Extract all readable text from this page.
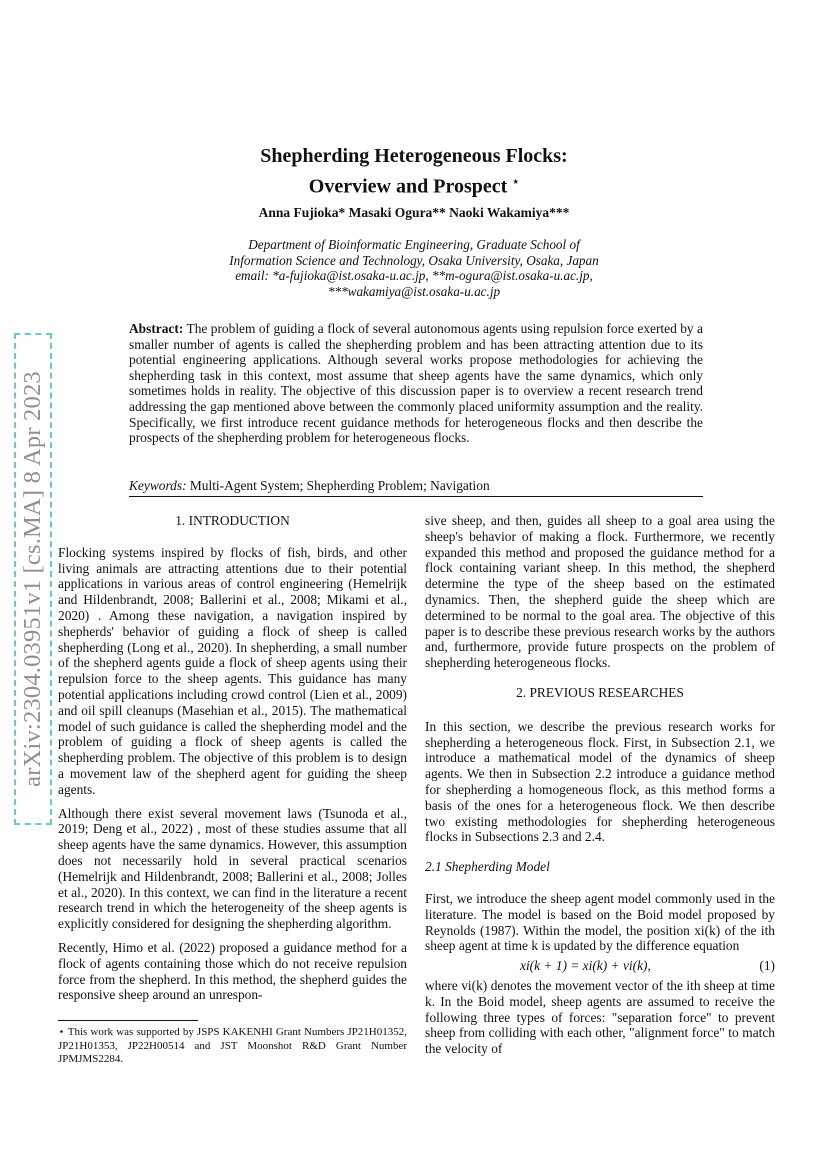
arXiv:2304.03951v1 [cs.MA] 8 Apr 2023
Shepherding Heterogeneous Flocks:
Overview and Prospect ⋆
Anna Fujioka* Masaki Ogura** Naoki Wakamiya***
Department of Bioinformatic Engineering, Graduate School of
Information Science and Technology, Osaka University, Osaka, Japan
email: *a-fujioka@ist.osaka-u.ac.jp, **m-ogura@ist.osaka-u.ac.jp,
***wakamiya@ist.osaka-u.ac.jp
Abstract: The problem of guiding a flock of several autonomous agents using repulsion force exerted by a smaller number of agents is called the shepherding problem and has been attracting attention due to its potential engineering applications. Although several works propose methodologies for achieving the shepherding task in this context, most assume that sheep agents have the same dynamics, which only sometimes holds in reality. The objective of this discussion paper is to overview a recent research trend addressing the gap mentioned above between the commonly placed uniformity assumption and the reality. Specifically, we first introduce recent guidance methods for heterogeneous flocks and then describe the prospects of the shepherding problem for heterogeneous flocks.
Keywords: Multi-Agent System; Shepherding Problem; Navigation

1. INTRODUCTION

Flocking systems inspired by flocks of fish, birds, and other living animals are attracting attentions due to their potential applications in various areas of control engineering (Hemelrijk and Hildenbrandt, 2008; Ballerini et al., 2008; Mikami et al., 2020) . Among these navigation, a navigation inspired by shepherds' behavior of guiding a flock of sheep is called shepherding (Long et al., 2020). In shepherding, a small number of the shepherd agents guide a flock of sheep agents using their repulsion force to the sheep agents. This guidance has many potential applications including crowd control (Lien et al., 2009) and oil spill cleanups (Masehian et al., 2015). The mathematical model of such guidance is called the shepherding model and the problem of guiding a flock of sheep agents is called the shepherding problem. The objective of this problem is to design a movement law of the shepherd agent for guiding the sheep agents.

Although there exist several movement laws (Tsunoda et al., 2019; Deng et al., 2022) , most of these studies assume that all sheep agents have the same dynamics. However, this assumption does not necessarily hold in several practical scenarios (Hemelrijk and Hildenbrandt, 2008; Ballerini et al., 2008; Jolles et al., 2020). In this context, we can find in the literature a recent research trend in which the heterogeneity of the sheep agents is explicitly considered for designing the shepherding algorithm.

Recently, Himo et al. (2022) proposed a guidance method for a flock of agents containing those which do not receive repulsion force from the shepherd. In this method, the shepherd guides the responsive sheep around an unrespon-

⋆ This work was supported by JSPS KAKENHI Grant Numbers JP21H01352, JP21H01353, JP22H00514 and JST Moonshot R&D Grant Number JPMJMS2284.

sive sheep, and then, guides all sheep to a goal area using the sheep's behavior of making a flock. Furthermore, we recently expanded this method and proposed the guidance method for a flock containing variant sheep. In this method, the shepherd determine the type of the sheep based on the estimated dynamics. Then, the shepherd guide the sheep which are determined to be normal to the goal area. The objective of this paper is to describe these previous research works by the authors and, furthermore, provide future prospects on the problem of shepherding heterogeneous flocks.

2. PREVIOUS RESEARCHES

In this section, we describe the previous research works for shepherding a heterogeneous flock. First, in Subsection 2.1, we introduce a mathematical model of the dynamics of sheep agents. We then in Subsection 2.2 introduce a guidance method for shepherding a homogeneous flock, as this method forms a basis of the ones for a heterogeneous flock. We then describe two existing methodologies for shepherding heterogeneous flocks in Subsections 2.3 and 2.4.

2.1 Shepherding Model

First, we introduce the sheep agent model commonly used in the literature. The model is based on the Boid model proposed by Reynolds (1987). Within the model, the position xi(k) of the ith sheep agent at time k is updated by the difference equation

xi(k + 1) = xi(k) + vi(k),	(1)

where vi(k) denotes the movement vector of the ith sheep at time k. In the Boid model, sheep agents are assumed to receive the following three types of forces: "separation force" to prevent sheep from colliding with each other, "alignment force" to match the velocity of
